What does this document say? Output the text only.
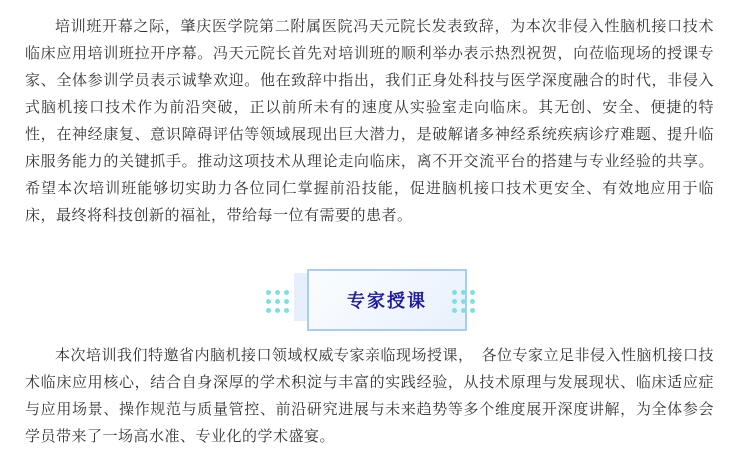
培训班开幕之际，肇庆医学院第二附属医院冯天元院长发表致辞，为本次非侵入性脑机接口技术临床应用培训班拉开序幕。冯天元院长首先对培训班的顺利举办表示热烈祝贺，向莅临现场的授课专家、全体参训学员表示诚挚欢迎。他在致辞中指出，我们正身处科技与医学深度融合的时代，非侵入式脑机接口技术作为前沿突破，正以前所未有的速度从实验室走向临床。其无创、安全、便捷的特性，在神经康复、意识障碍评估等领域展现出巨大潜力，是破解诸多神经系统疾病诊疗难题、提升临床服务能力的关键抓手。推动这项技术从理论走向临床，离不开交流平台的搭建与专业经验的共享。希望本次培训班能够切实助力各位同仁掌握前沿技能，促进脑机接口技术更安全、有效地应用于临床，最终将科技创新的福祉，带给每一位有需要的患者。

专家授课

本次培训我们特邀省内脑机接口领域权威专家亲临现场授课，　各位专家立足非侵入性脑机接口技术临床应用核心，结合自身深厚的学术积淀与丰富的实践经验，从技术原理与发展现状、临床适应症与应用场景、操作规范与质量管控、前沿研究进展与未来趋势等多个维度展开深度讲解，为全体参会学员带来了一场高水准、专业化的学术盛宴。
